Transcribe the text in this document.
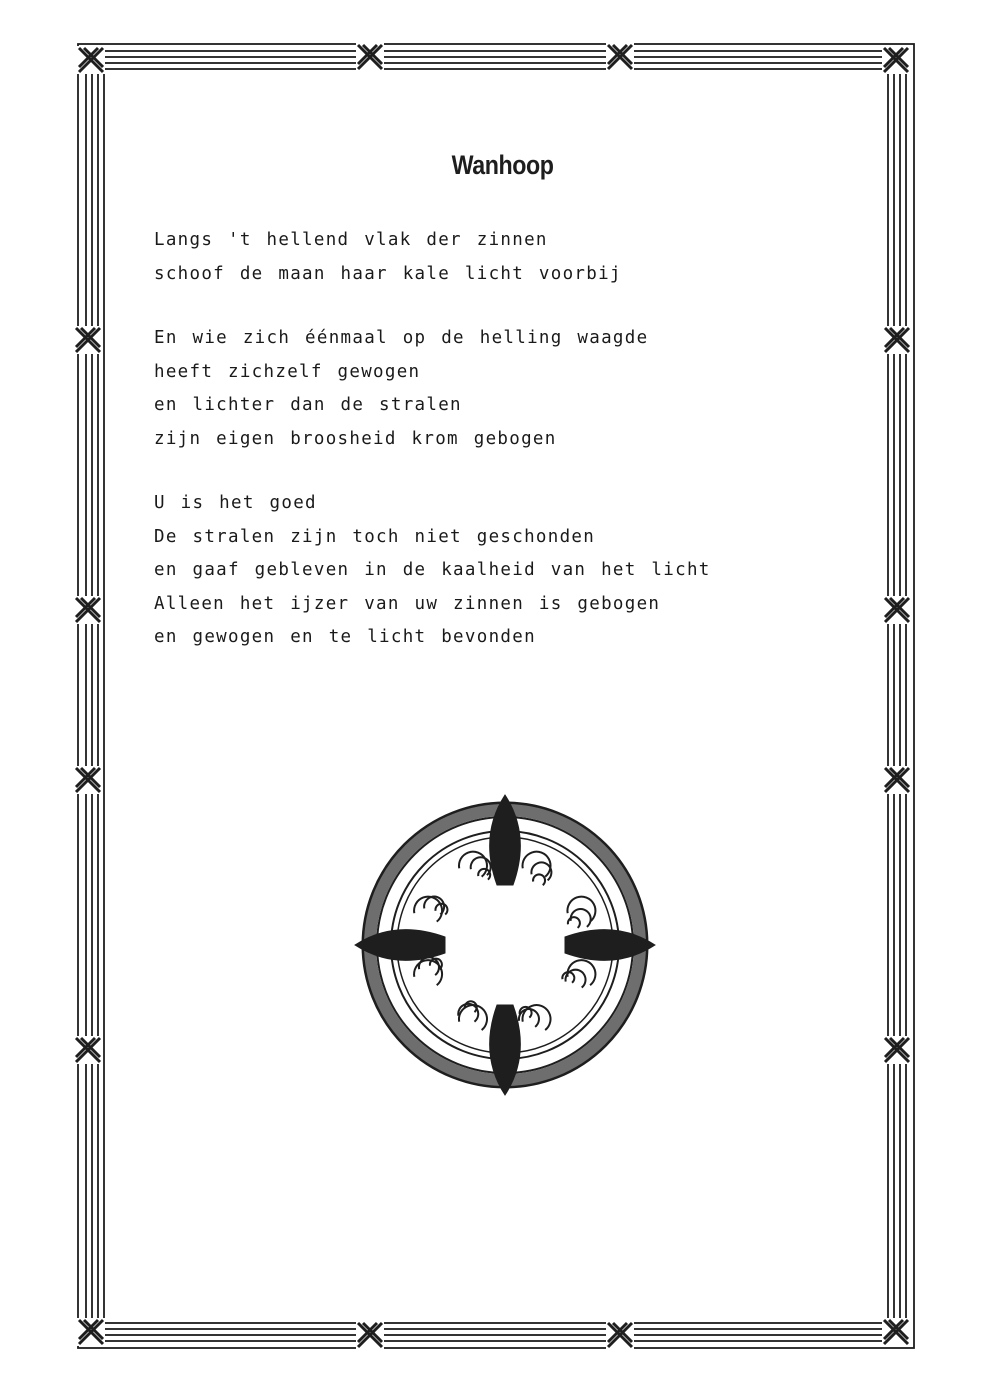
Wanhoop
Langs 't hellend vlak der zinnen
schoof de maan haar kale licht voorbij
En wie zich éénmaal op de helling waagde
heeft zichzelf gewogen
en lichter dan de stralen
zijn eigen broosheid krom gebogen
U is het goed
De stralen zijn toch niet geschonden
en gaaf gebleven in de kaalheid van het licht
Alleen het ijzer van uw zinnen is gebogen
en gewogen en te licht bevonden
